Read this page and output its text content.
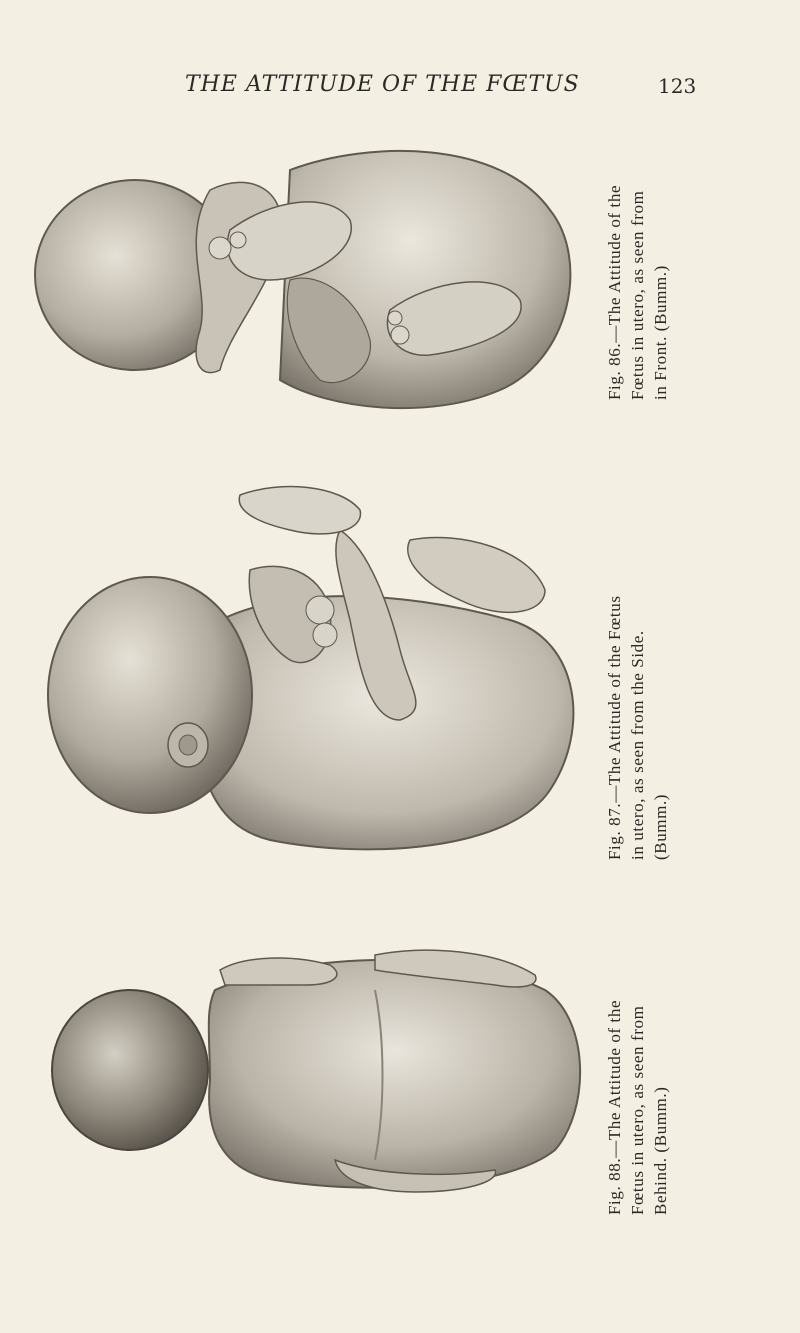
THE ATTITUDE OF THE FŒTUS	123
Fig. 86.—The Attitude of the Fœtus in utero, as seen from in Front. (Bumm.)
Fig. 87.—The Attitude of the Fœtus in utero, as seen from the Side. (Bumm.)
Fig. 88.—The Attitude of the Fœtus in utero, as seen from Behind. (Bumm.)
